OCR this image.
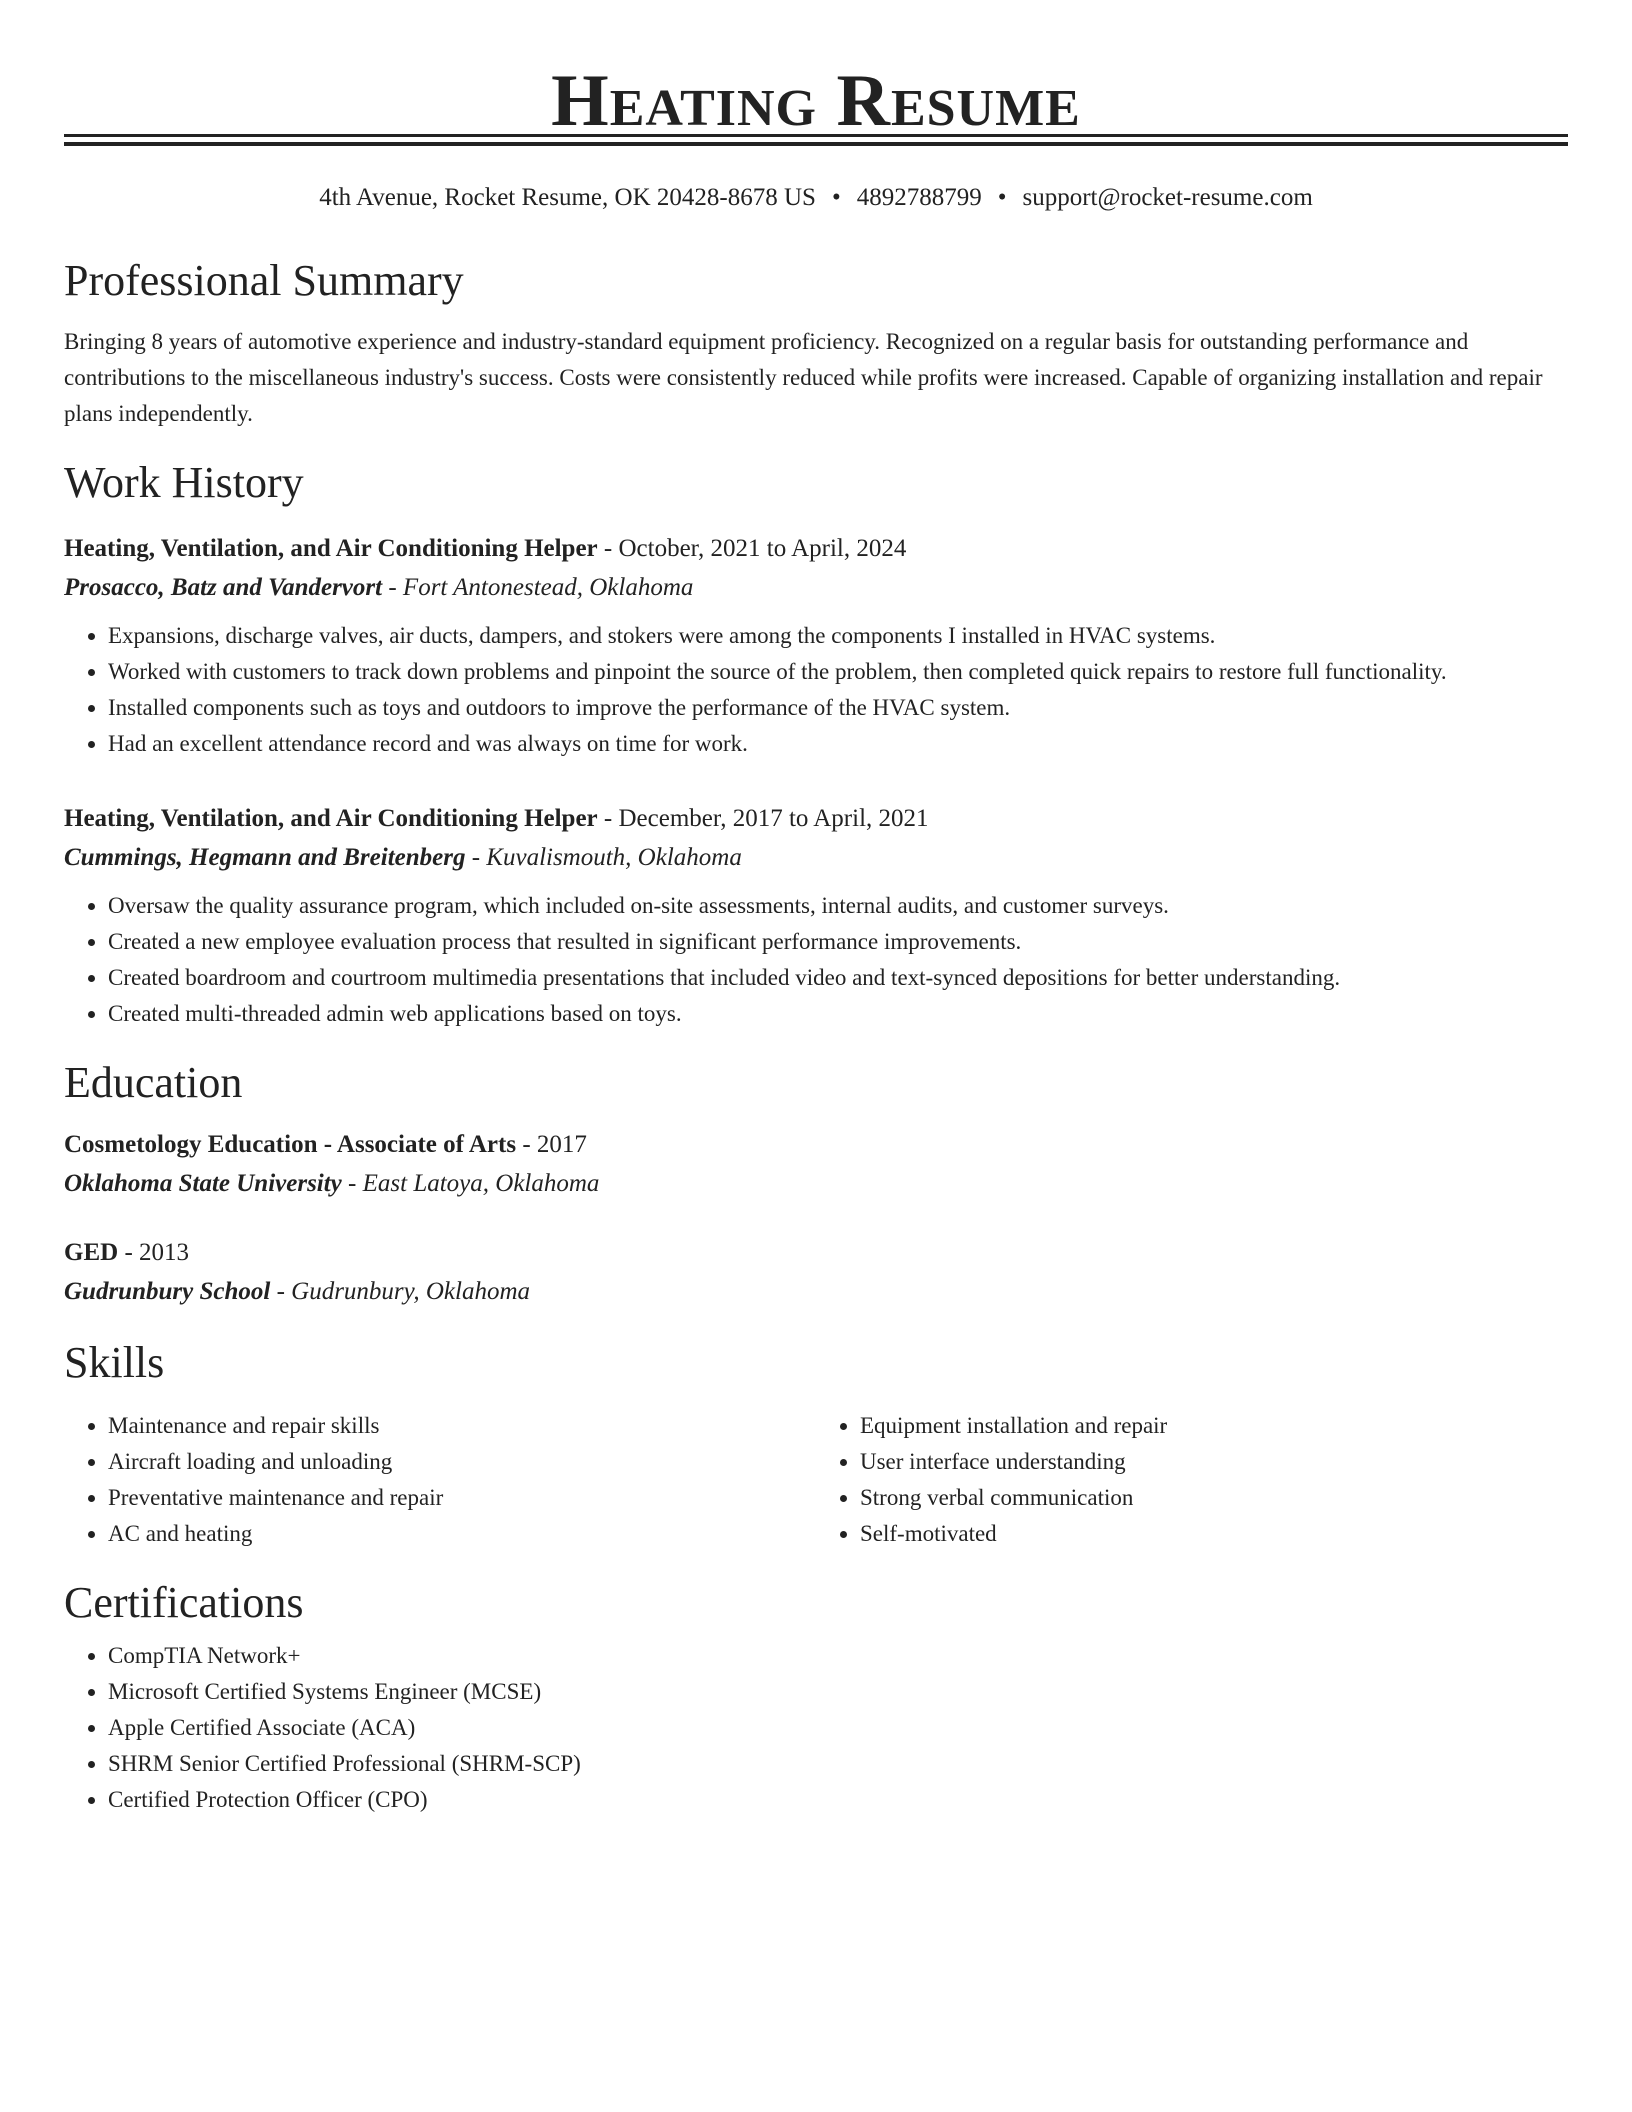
Heating Resume
4th Avenue, Rocket Resume, OK 20428-8678 US • 4892788799 • support@rocket-resume.com
Professional Summary
Bringing 8 years of automotive experience and industry-standard equipment proficiency. Recognized on a regular basis for outstanding performance and contributions to the miscellaneous industry's success. Costs were consistently reduced while profits were increased. Capable of organizing installation and repair plans independently.
Work History
Heating, Ventilation, and Air Conditioning Helper - October, 2021 to April, 2024
Prosacco, Batz and Vandervort - Fort Antonestead, Oklahoma
• Expansions, discharge valves, air ducts, dampers, and stokers were among the components I installed in HVAC systems.
• Worked with customers to track down problems and pinpoint the source of the problem, then completed quick repairs to restore full functionality.
• Installed components such as toys and outdoors to improve the performance of the HVAC system.
• Had an excellent attendance record and was always on time for work.
Heating, Ventilation, and Air Conditioning Helper - December, 2017 to April, 2021
Cummings, Hegmann and Breitenberg - Kuvalismouth, Oklahoma
• Oversaw the quality assurance program, which included on-site assessments, internal audits, and customer surveys.
• Created a new employee evaluation process that resulted in significant performance improvements.
• Created boardroom and courtroom multimedia presentations that included video and text-synced depositions for better understanding.
• Created multi-threaded admin web applications based on toys.
Education
Cosmetology Education - Associate of Arts - 2017
Oklahoma State University - East Latoya, Oklahoma
GED - 2013
Gudrunbury School - Gudrunbury, Oklahoma
Skills
• Maintenance and repair skills
• Aircraft loading and unloading
• Preventative maintenance and repair
• AC and heating
• Equipment installation and repair
• User interface understanding
• Strong verbal communication
• Self-motivated
Certifications
• CompTIA Network+
• Microsoft Certified Systems Engineer (MCSE)
• Apple Certified Associate (ACA)
• SHRM Senior Certified Professional (SHRM-SCP)
• Certified Protection Officer (CPO)
